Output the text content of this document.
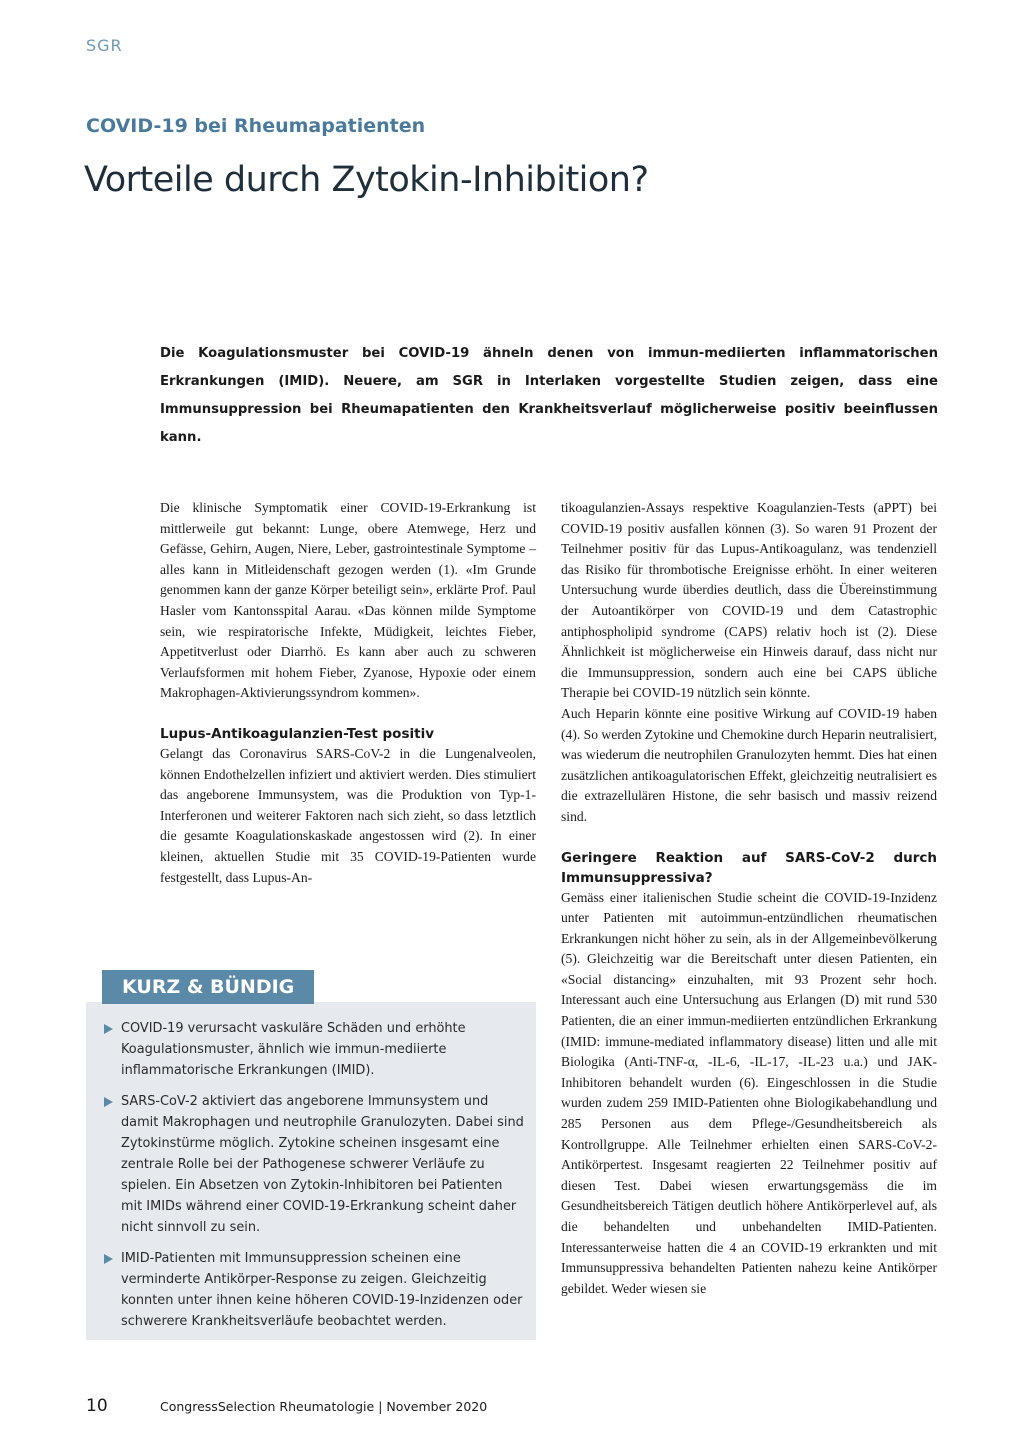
SGR
COVID-19 bei Rheumapatienten
Vorteile durch Zytokin-Inhibition?

Die Koagulationsmuster bei COVID-19 ähneln denen von immun-mediierten inflammatorischen Erkrankungen (IMID). Neuere, am SGR in Interlaken vorgestellte Studien zeigen, dass eine Immunsuppression bei Rheumapatienten den Krankheitsverlauf möglicherweise positiv beeinflussen kann.

Die klinische Symptomatik einer COVID-19-Erkrankung ist mittlerweile gut bekannt: Lunge, obere Atemwege, Herz und Gefässe, Gehirn, Augen, Niere, Leber, gastrointestinale Symptome – alles kann in Mitleidenschaft gezogen werden (1). «Im Grunde genommen kann der ganze Körper beteiligt sein», erklärte Prof. Paul Hasler vom Kantonsspital Aarau. «Das können milde Symptome sein, wie respiratorische Infekte, Müdigkeit, leichtes Fieber, Appetitverlust oder Diarrhö. Es kann aber auch zu schweren Verlaufsformen mit hohem Fieber, Zyanose, Hypoxie oder einem Makrophagen-Aktivierungssyndrom kommen».

Lupus-Antikoagulanzien-Test positiv

Gelangt das Coronavirus SARS-CoV-2 in die Lungenalveolen, können Endothelzellen infiziert und aktiviert werden. Dies stimuliert das angeborene Immunsystem, was die Produktion von Typ-1-Interferonen und weiterer Faktoren nach sich zieht, so dass letztlich die gesamte Koagulationskaskade angestossen wird (2). In einer kleinen, aktuellen Studie mit 35 COVID-19-Patienten wurde festgestellt, dass Lupus-An-

tikoagulanzien-Assays respektive Koagulanzien-Tests (aPPT) bei COVID-19 positiv ausfallen können (3). So waren 91 Prozent der Teilnehmer positiv für das Lupus-Antikoagulanz, was tendenziell das Risiko für thrombotische Ereignisse erhöht. In einer weiteren Untersuchung wurde überdies deutlich, dass die Übereinstimmung der Autoantikörper von COVID-19 und dem Catastrophic antiphospholipid syndrome (CAPS) relativ hoch ist (2). Diese Ähnlichkeit ist möglicherweise ein Hinweis darauf, dass nicht nur die Immunsuppression, sondern auch eine bei CAPS übliche Therapie bei COVID-19 nützlich sein könnte.

Auch Heparin könnte eine positive Wirkung auf COVID-19 haben (4). So werden Zytokine und Chemokine durch Heparin neutralisiert, was wiederum die neutrophilen Granulozyten hemmt. Dies hat einen zusätzlichen antikoagulatorischen Effekt, gleichzeitig neutralisiert es die extrazellulären Histone, die sehr basisch und massiv reizend sind.

Geringere Reaktion auf SARS-CoV-2 durch Immunsuppressiva?

Gemäss einer italienischen Studie scheint die COVID-19-Inzidenz unter Patienten mit autoimmun-entzündlichen rheumatischen Erkrankungen nicht höher zu sein, als in der Allgemeinbevölkerung (5). Gleichzeitig war die Bereitschaft unter diesen Patienten, ein «Social distancing» einzuhalten, mit 93 Prozent sehr hoch. Interessant auch eine Untersuchung aus Erlangen (D) mit rund 530 Patienten, die an einer immun-mediierten entzündlichen Erkrankung (IMID: immune-mediated inflammatory disease) litten und alle mit Biologika (Anti-TNF-α, -IL-6, -IL-17, -IL-23 u.a.) und JAK-Inhibitoren behandelt wurden (6). Eingeschlossen in die Studie wurden zudem 259 IMID-Patienten ohne Biologikabehandlung und 285 Personen aus dem Pflege-/Gesundheitsbereich als Kontrollgruppe. Alle Teilnehmer erhielten einen SARS-CoV-2-Antikörpertest. Insgesamt reagierten 22 Teilnehmer positiv auf diesen Test. Dabei wiesen erwartungsgemäss die im Gesundheitsbereich Tätigen deutlich höhere Antikörperlevel auf, als die behandelten und unbehandelten IMID-Patienten. Interessanterweise hatten die 4 an COVID-19 erkrankten und mit Immunsuppressiva behandelten Patienten nahezu keine Antikörper gebildet. Weder wiesen sie

KURZ & BÜNDIG
COVID-19 verursacht vaskuläre Schäden und erhöhte Koagulationsmuster, ähnlich wie immun-mediierte inflammatorische Erkrankungen (IMID).
SARS-CoV-2 aktiviert das angeborene Immunsystem und damit Makrophagen und neutrophile Granulozyten. Dabei sind Zytokinstürme möglich. Zytokine scheinen insgesamt eine zentrale Rolle bei der Pathogenese schwerer Verläufe zu spielen. Ein Absetzen von Zytokin-Inhibitoren bei Patienten mit IMIDs während einer COVID-19-Erkrankung scheint daher nicht sinnvoll zu sein.
IMID-Patienten mit Immunsuppression scheinen eine verminderte Antikörper-Response zu zeigen. Gleichzeitig konnten unter ihnen keine höheren COVID-19-Inzidenzen oder schwerere Krankheitsverläufe beobachtet werden.
10	CongressSelection Rheumatologie | November 2020
